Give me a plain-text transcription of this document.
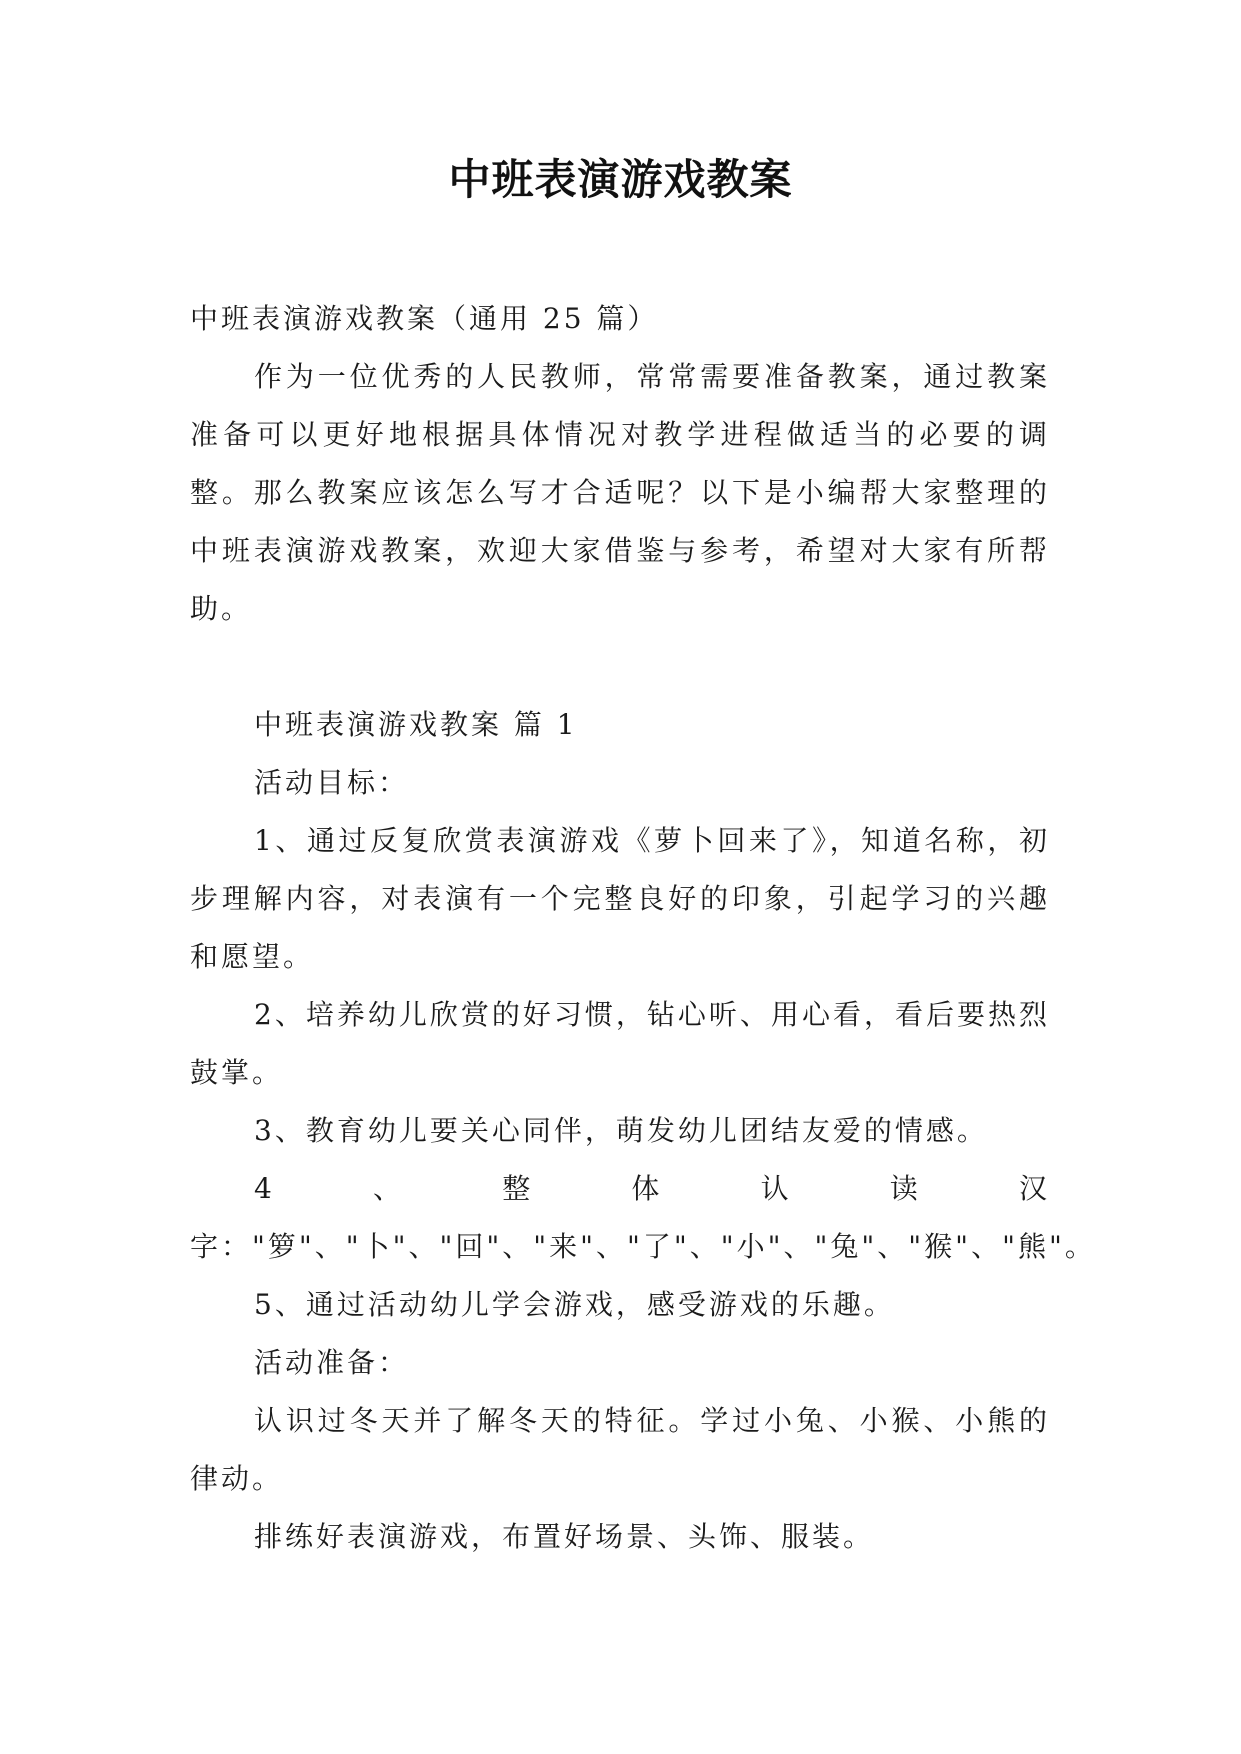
中班表演游戏教案

中班表演游戏教案（通用 25 篇）

作为一位优秀的人民教师，常常需要准备教案，通过教案准备可以更好地根据具体情况对教学进程做适当的必要的调整。那么教案应该怎么写才合适呢？以下是小编帮大家整理的中班表演游戏教案，欢迎大家借鉴与参考，希望对大家有所帮助。

中班表演游戏教案 篇 1

活动目标：

1、通过反复欣赏表演游戏《萝卜回来了》，知道名称，初步理解内容，对表演有一个完整良好的印象，引起学习的兴趣和愿望。

2、培养幼儿欣赏的好习惯，钻心听、用心看，看后要热烈鼓掌。

3、教育幼儿要关心同伴，萌发幼儿团结友爱的情感。

4、整体认读汉字："箩"、"卜"、"回"、"来"、"了"、"小"、"兔"、"猴"、"熊"。

5、通过活动幼儿学会游戏，感受游戏的乐趣。

活动准备：

认识过冬天并了解冬天的特征。学过小兔、小猴、小熊的律动。

排练好表演游戏，布置好场景、头饰、服装。
